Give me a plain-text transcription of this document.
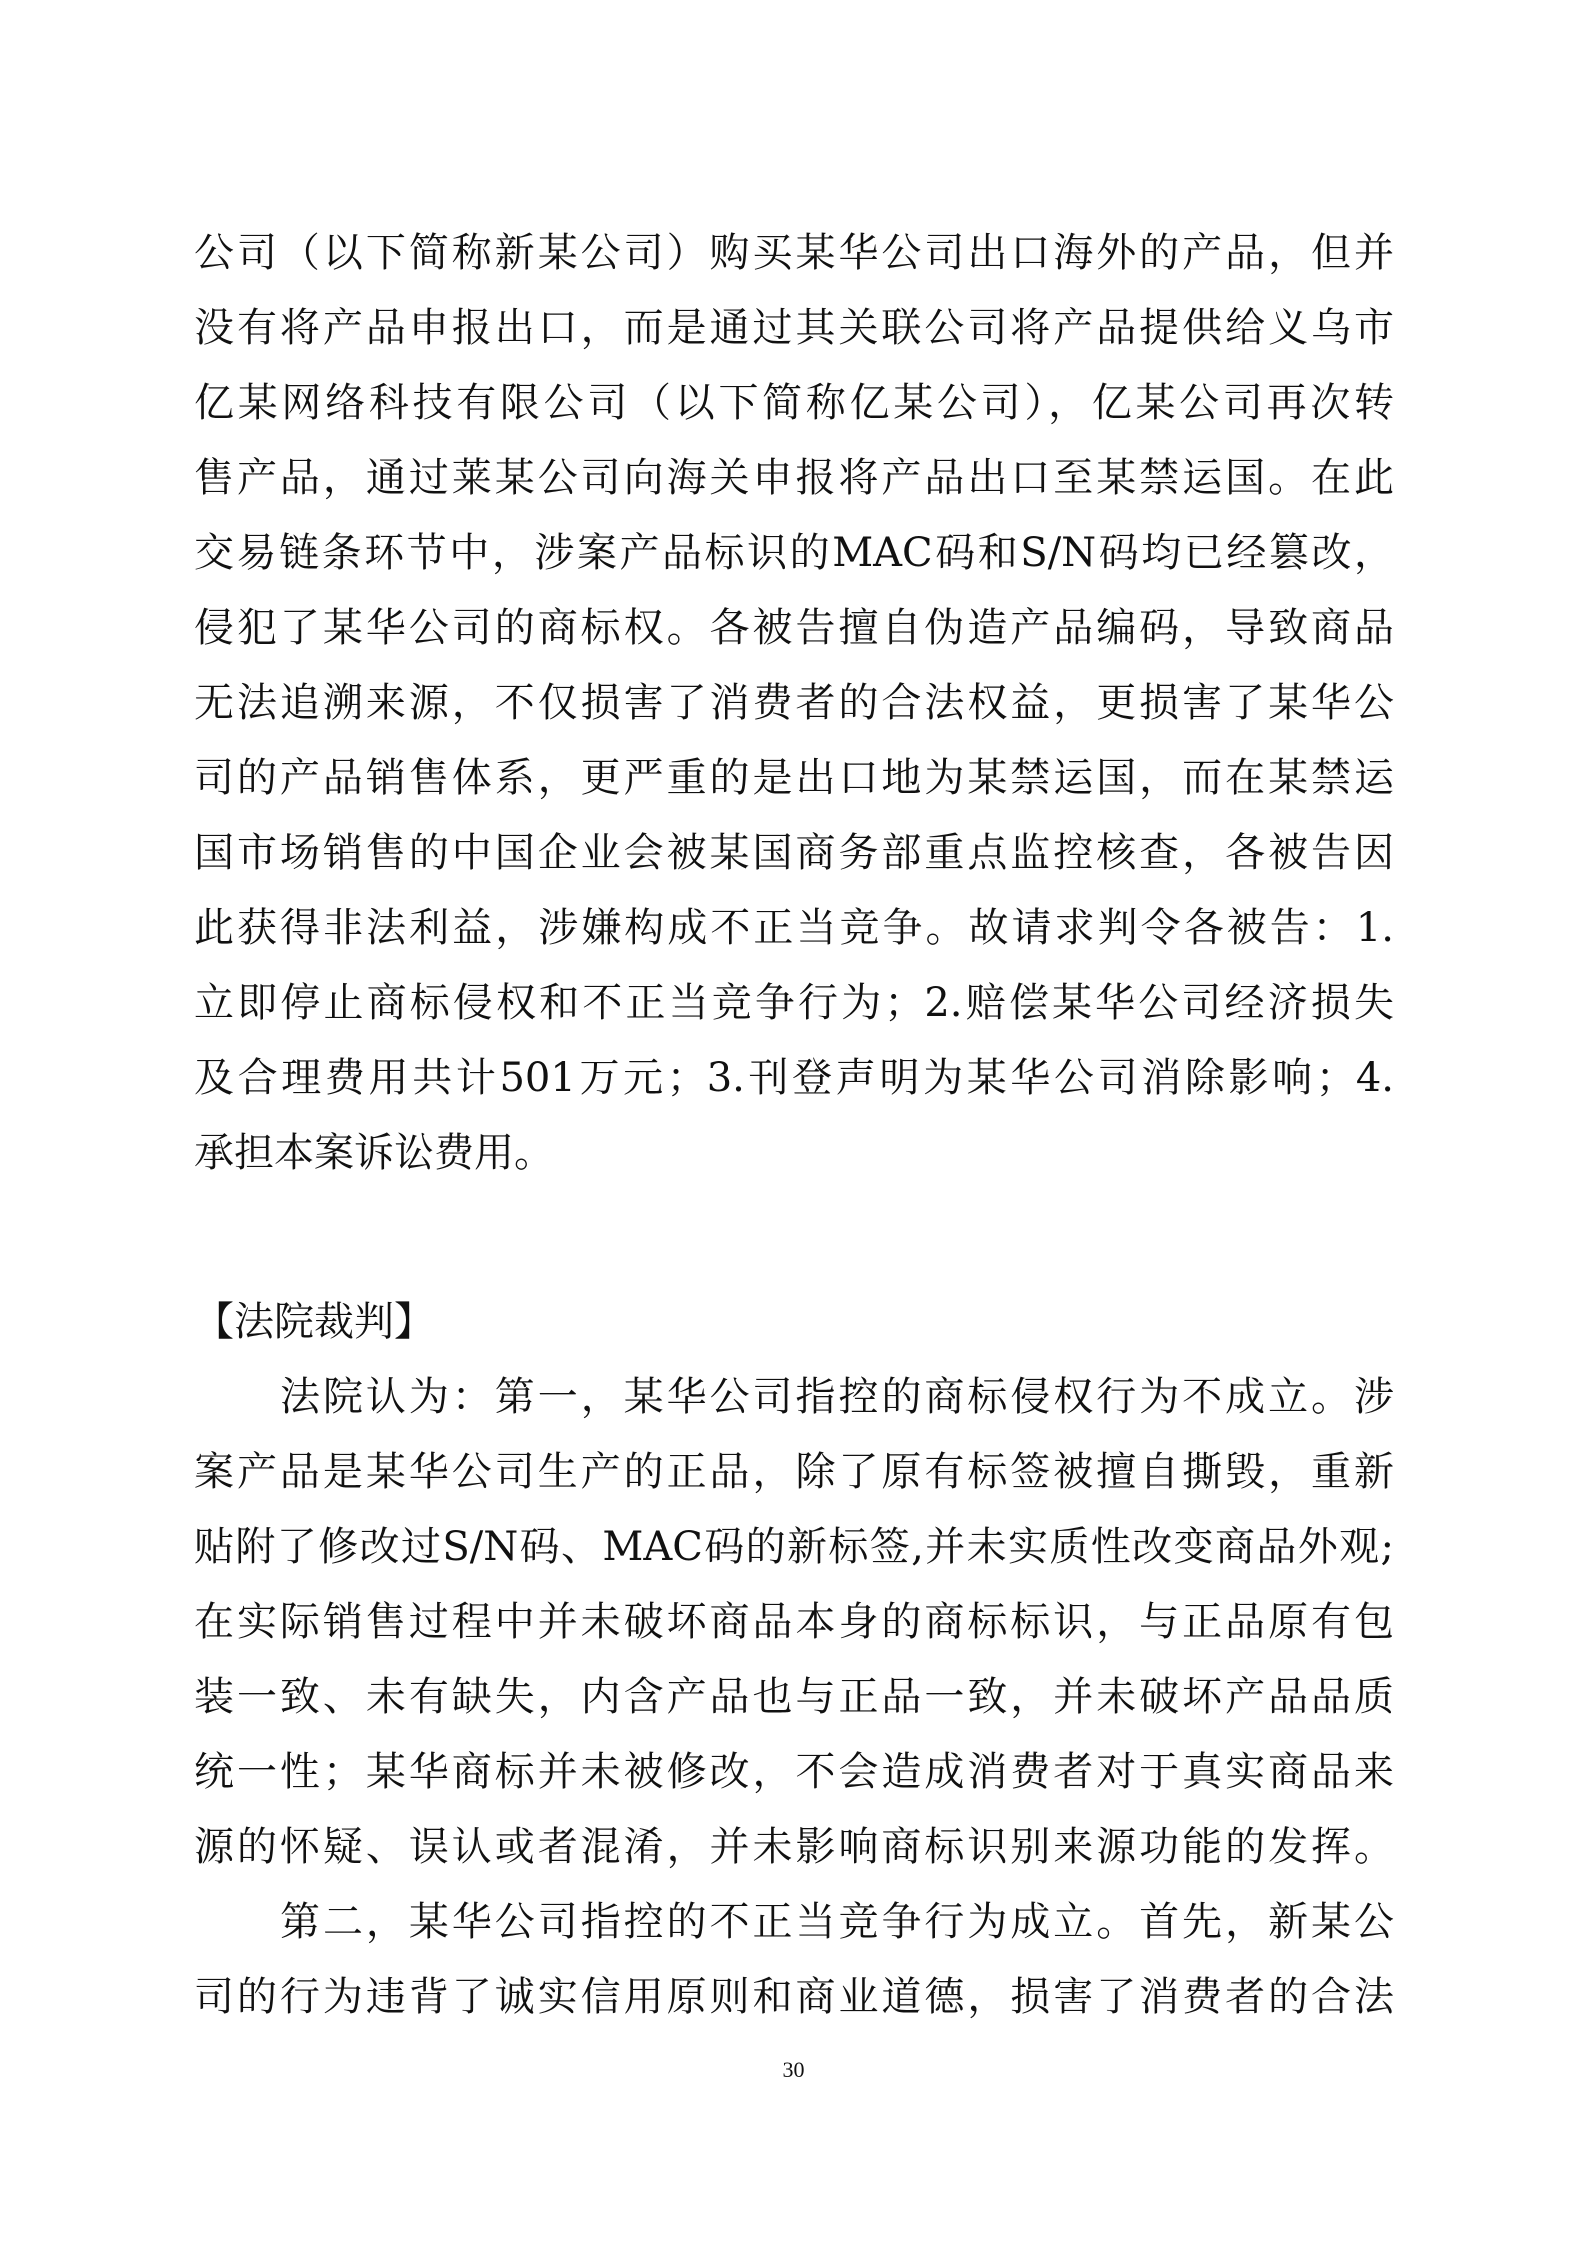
公司（以下简称新某公司）购买某华公司出口海外的产品，但并
没有将产品申报出口，而是通过其关联公司将产品提供给义乌市
亿某网络科技有限公司（以下简称亿某公司），亿某公司再次转
售产品，通过莱某公司向海关申报将产品出口至某禁运国。在此
交易链条环节中，涉案产品标识的MAC码和S/N码均已经篡改，
侵犯了某华公司的商标权。各被告擅自伪造产品编码，导致商品
无法追溯来源，不仅损害了消费者的合法权益，更损害了某华公
司的产品销售体系，更严重的是出口地为某禁运国，而在某禁运
国市场销售的中国企业会被某国商务部重点监控核查，各被告因
此获得非法利益，涉嫌构成不正当竞争。故请求判令各被告：1.
立即停止商标侵权和不正当竞争行为；2.赔偿某华公司经济损失
及合理费用共计501万元；3.刊登声明为某华公司消除影响；4.
承担本案诉讼费用。
【法院裁判】
法院认为：第一，某华公司指控的商标侵权行为不成立。涉
案产品是某华公司生产的正品，除了原有标签被擅自撕毁，重新
贴附了修改过S/N码、MAC码的新标签,并未实质性改变商品外观;
在实际销售过程中并未破坏商品本身的商标标识，与正品原有包
装一致、未有缺失，内含产品也与正品一致，并未破坏产品品质
统一性；某华商标并未被修改，不会造成消费者对于真实商品来
源的怀疑、误认或者混淆，并未影响商标识别来源功能的发挥。
第二，某华公司指控的不正当竞争行为成立。首先，新某公
司的行为违背了诚实信用原则和商业道德，损害了消费者的合法
30
